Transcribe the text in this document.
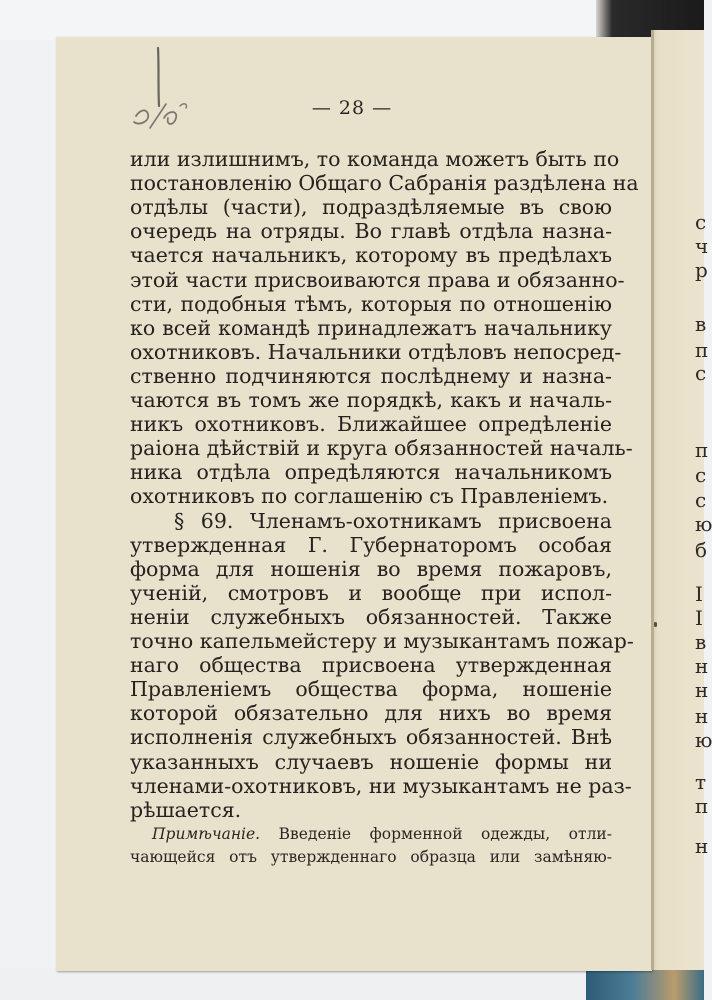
— 28 —
или излишнимъ, то команда можетъ быть по
постановленію Общаго Сабранія раздѣлена на
отдѣлы (части), подраздѣляемые въ свою
очередь на отряды. Во главѣ отдѣла назна-
чается начальникъ, которому въ предѣлахъ
этой части присвоиваются права и обязанно-
сти, подобныя тѣмъ, которыя по отношенію
ко всей командѣ принадлежатъ начальнику
охотниковъ. Начальники отдѣловъ непосред-
ственно подчиняются послѣднему и назна-
чаются въ томъ же порядкѣ, какъ и началь-
никъ охотниковъ. Ближайшее опредѣленіе
раіона дѣйствій и круга обязанностей началь-
ника отдѣла опредѣляются начальникомъ
охотниковъ по соглашенію съ Правленіемъ.
§ 69. Членамъ-охотникамъ присвоена
утвержденная Г. Губернаторомъ особая
форма для ношенія во время пожаровъ,
ученій, смотровъ и вообще при испол-
неніи служебныхъ обязанностей. Также
точно капельмейстеру и музыкантамъ пожар-
наго общества присвоена утвержденная
Правленіемъ общества форма, ношеніе
которой обязательно для нихъ во время
исполненія служебныхъ обязанностей. Внѣ
указанныхъ случаевъ ношеніе формы ни
членами-охотниковъ, ни музыкантамъ не раз-
рѣшается.
Примѣчаніе. Введеніе форменной одежды, отли-
чающейся отъ утвержденнаго образца или замѣняю-
с
ч
р
в
п
с
п
с
с
ю
б
I
I
в
н
н
н
ю
т
п
н
